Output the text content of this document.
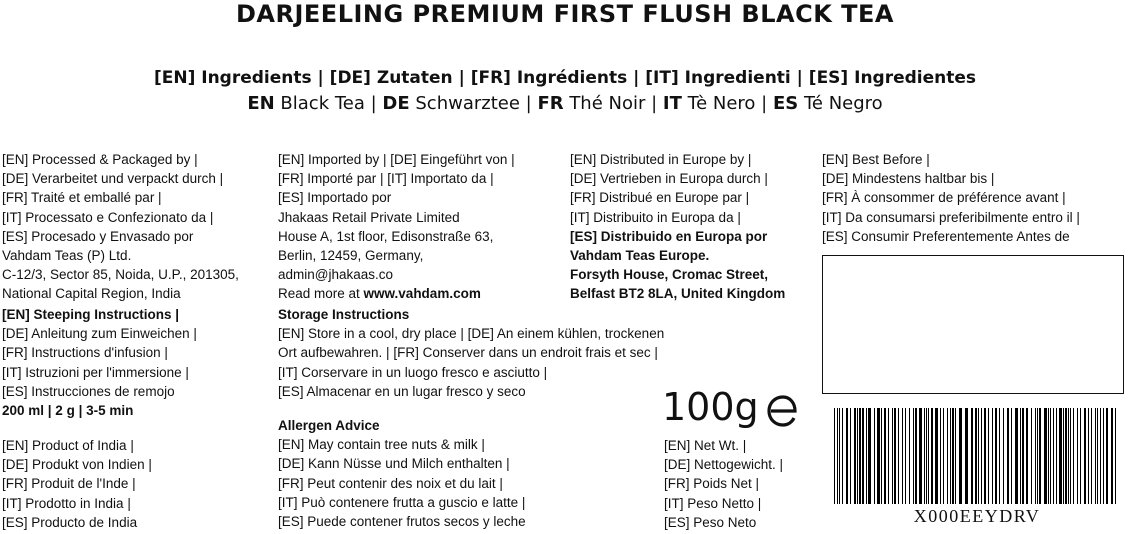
DARJEELING PREMIUM FIRST FLUSH BLACK TEA
[EN] Ingredients | [DE] Zutaten | [FR] Ingrédients | [IT] Ingredienti | [ES] Ingredientes
EN Black Tea | DE Schwarztee | FR Thé Noir | IT Tè Nero | ES Té Negro
[EN] Processed & Packaged by |
[DE] Verarbeitet und verpackt durch |
[FR] Traité et emballé par |
[IT] Processato e Confezionato da |
[ES] Procesado y Envasado por
Vahdam Teas (P) Ltd.
C-12/3, Sector 85, Noida, U.P., 201305,
National Capital Region, India
[EN] Steeping Instructions |
[DE] Anleitung zum Einweichen |
[FR] Instructions d'infusion |
[IT] Istruzioni per l'immersione |
[ES] Instrucciones de remojo
200 ml | 2 g | 3-5 min
[EN] Product of India |
[DE] Produkt von Indien |
[FR] Produit de l'Inde |
[IT] Prodotto in India |
[ES] Producto de India
[EN] Imported by | [DE] Eingeführt von |
[FR] Importé par | [IT] Importato da |
[ES] Importado por
Jhakaas Retail Private Limited
House A, 1st floor, Edisonstraße 63,
Berlin, 12459, Germany,
admin@jhakaas.co
Read more at www.vahdam.com
Storage Instructions
[EN] Store in a cool, dry place | [DE] An einem kühlen, trockenen
Ort aufbewahren. | [FR] Conserver dans un endroit frais et sec |
[IT] Corservare in un luogo fresco e asciutto |
[ES] Almacenar en un lugar fresco y seco
Allergen Advice
[EN] May contain tree nuts & milk |
[DE] Kann Nüsse und Milch enthalten |
[FR] Peut contenir des noix et du lait |
[IT] Può contenere frutta a guscio e latte |
[ES] Puede contener frutos secos y leche
[EN] Distributed in Europe by |
[DE] Vertrieben in Europa durch |
[FR] Distribué en Europe par |
[IT] Distribuito in Europa da |
[ES] Distribuido en Europa por
Vahdam Teas Europe.
Forsyth House, Cromac Street,
Belfast BT2 8LA, United Kingdom
100g
[EN] Net Wt. |
[DE] Nettogewicht. |
[FR] Poids Net |
[IT] Peso Netto |
[ES] Peso Neto
[EN] Best Before |
[DE] Mindestens haltbar bis |
[FR] À consommer de préférence avant |
[IT] Da consumarsi preferibilmente entro il |
[ES] Consumir Preferentemente Antes de
X000EEYDRV
